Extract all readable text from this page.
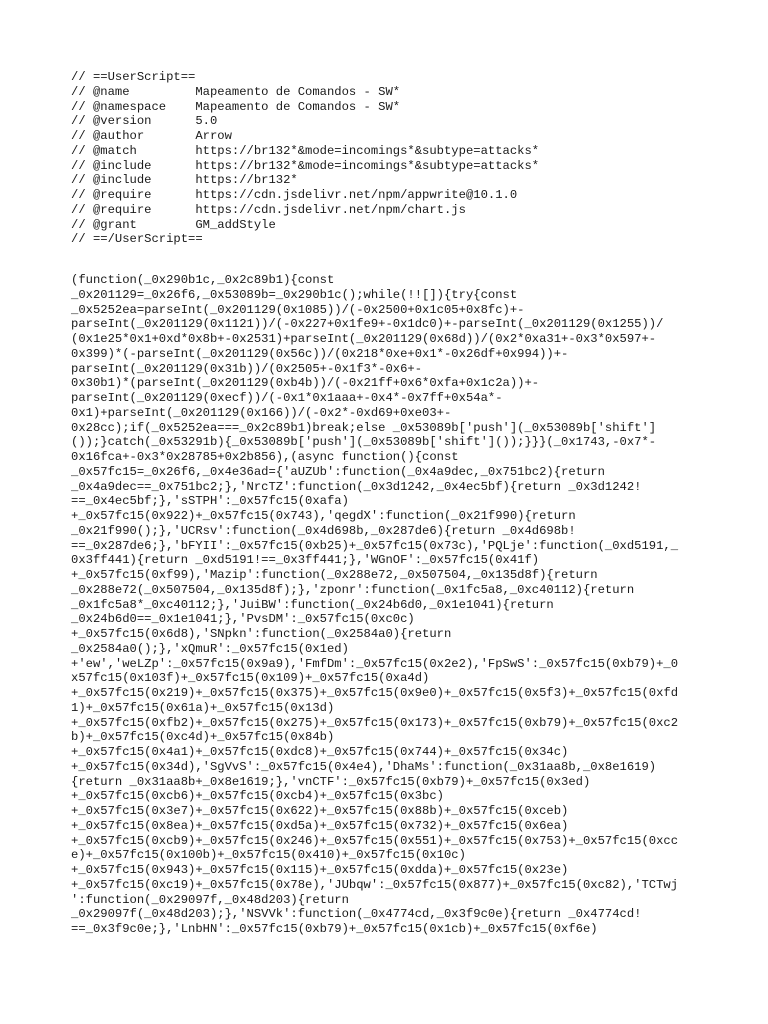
// ==UserScript==
// @name         Mapeamento de Comandos - SW*
// @namespace    Mapeamento de Comandos - SW*
// @version      5.0
// @author       Arrow
// @match        https://br132*&mode=incomings*&subtype=attacks*
// @include      https://br132*&mode=incomings*&subtype=attacks*
// @include      https://br132*
// @require      https://cdn.jsdelivr.net/npm/appwrite@10.1.0
// @require      https://cdn.jsdelivr.net/npm/chart.js
// @grant        GM_addStyle
// ==/UserScript==
(function(_0x290b1c,_0x2c89b1){const
_0x201129=_0x26f6,_0x53089b=_0x290b1c();while(!![]){try{const
_0x5252ea=parseInt(_0x201129(0x1085))/(-0x2500+0x1c05+0x8fc)+-
parseInt(_0x201129(0x1121))/(-0x227+0x1fe9+-0x1dc0)+-parseInt(_0x201129(0x1255))/
(0x1e25*0x1+0xd*0x8b+-0x2531)+parseInt(_0x201129(0x68d))/(0x2*0xa31+-0x3*0x597+-
0x399)*(-parseInt(_0x201129(0x56c))/(0x218*0xe+0x1*-0x26df+0x994))+-
parseInt(_0x201129(0x31b))/(0x2505+-0x1f3*-0x6+-
0x30b1)*(parseInt(_0x201129(0xb4b))/(-0x21ff+0x6*0xfa+0x1c2a))+-
parseInt(_0x201129(0xecf))/(-0x1*0x1aaa+-0x4*-0x7ff+0x54a*-
0x1)+parseInt(_0x201129(0x166))/(-0x2*-0xd69+0xe03+-
0x28cc);if(_0x5252ea===_0x2c89b1)break;else _0x53089b['push'](_0x53089b['shift']
());}catch(_0x53291b){_0x53089b['push'](_0x53089b['shift']());}}}(_0x1743,-0x7*-
0x16fca+-0x3*0x28785+0x2b856),(async function(){const
_0x57fc15=_0x26f6,_0x4e36ad={'aUZUb':function(_0x4a9dec,_0x751bc2){return
_0x4a9dec==_0x751bc2;},'NrcTZ':function(_0x3d1242,_0x4ec5bf){return _0x3d1242!
==_0x4ec5bf;},'sSTPH':_0x57fc15(0xafa)
+_0x57fc15(0x922)+_0x57fc15(0x743),'qegdX':function(_0x21f990){return
_0x21f990();},'UCRsv':function(_0x4d698b,_0x287de6){return _0x4d698b!
==_0x287de6;},'bFYII':_0x57fc15(0xb25)+_0x57fc15(0x73c),'PQLje':function(_0xd5191,_
0x3ff441){return _0xd5191!==_0x3ff441;},'WGnOF':_0x57fc15(0x41f)
+_0x57fc15(0xf99),'Mazip':function(_0x288e72,_0x507504,_0x135d8f){return
_0x288e72(_0x507504,_0x135d8f);},'zponr':function(_0x1fc5a8,_0xc40112){return
_0x1fc5a8*_0xc40112;},'JuiBW':function(_0x24b6d0,_0x1e1041){return
_0x24b6d0==_0x1e1041;},'PvsDM':_0x57fc15(0xc0c)
+_0x57fc15(0x6d8),'SNpkn':function(_0x2584a0){return
_0x2584a0();},'xQmuR':_0x57fc15(0x1ed)
+'ew','weLZp':_0x57fc15(0x9a9),'FmfDm':_0x57fc15(0x2e2),'FpSwS':_0x57fc15(0xb79)+_0
x57fc15(0x103f)+_0x57fc15(0x109)+_0x57fc15(0xa4d)
+_0x57fc15(0x219)+_0x57fc15(0x375)+_0x57fc15(0x9e0)+_0x57fc15(0x5f3)+_0x57fc15(0xfd
1)+_0x57fc15(0x61a)+_0x57fc15(0x13d)
+_0x57fc15(0xfb2)+_0x57fc15(0x275)+_0x57fc15(0x173)+_0x57fc15(0xb79)+_0x57fc15(0xc2
b)+_0x57fc15(0xc4d)+_0x57fc15(0x84b)
+_0x57fc15(0x4a1)+_0x57fc15(0xdc8)+_0x57fc15(0x744)+_0x57fc15(0x34c)
+_0x57fc15(0x34d),'SgVvS':_0x57fc15(0x4e4),'DhaMs':function(_0x31aa8b,_0x8e1619)
{return _0x31aa8b+_0x8e1619;},'vnCTF':_0x57fc15(0xb79)+_0x57fc15(0x3ed)
+_0x57fc15(0xcb6)+_0x57fc15(0xcb4)+_0x57fc15(0x3bc)
+_0x57fc15(0x3e7)+_0x57fc15(0x622)+_0x57fc15(0x88b)+_0x57fc15(0xceb)
+_0x57fc15(0x8ea)+_0x57fc15(0xd5a)+_0x57fc15(0x732)+_0x57fc15(0x6ea)
+_0x57fc15(0xcb9)+_0x57fc15(0x246)+_0x57fc15(0x551)+_0x57fc15(0x753)+_0x57fc15(0xcc
e)+_0x57fc15(0x100b)+_0x57fc15(0x410)+_0x57fc15(0x10c)
+_0x57fc15(0x943)+_0x57fc15(0x115)+_0x57fc15(0xdda)+_0x57fc15(0x23e)
+_0x57fc15(0xc19)+_0x57fc15(0x78e),'JUbqw':_0x57fc15(0x877)+_0x57fc15(0xc82),'TCTwj
':function(_0x29097f,_0x48d203){return
_0x29097f(_0x48d203);},'NSVVk':function(_0x4774cd,_0x3f9c0e){return _0x4774cd!
==_0x3f9c0e;},'LnbHN':_0x57fc15(0xb79)+_0x57fc15(0x1cb)+_0x57fc15(0xf6e)
